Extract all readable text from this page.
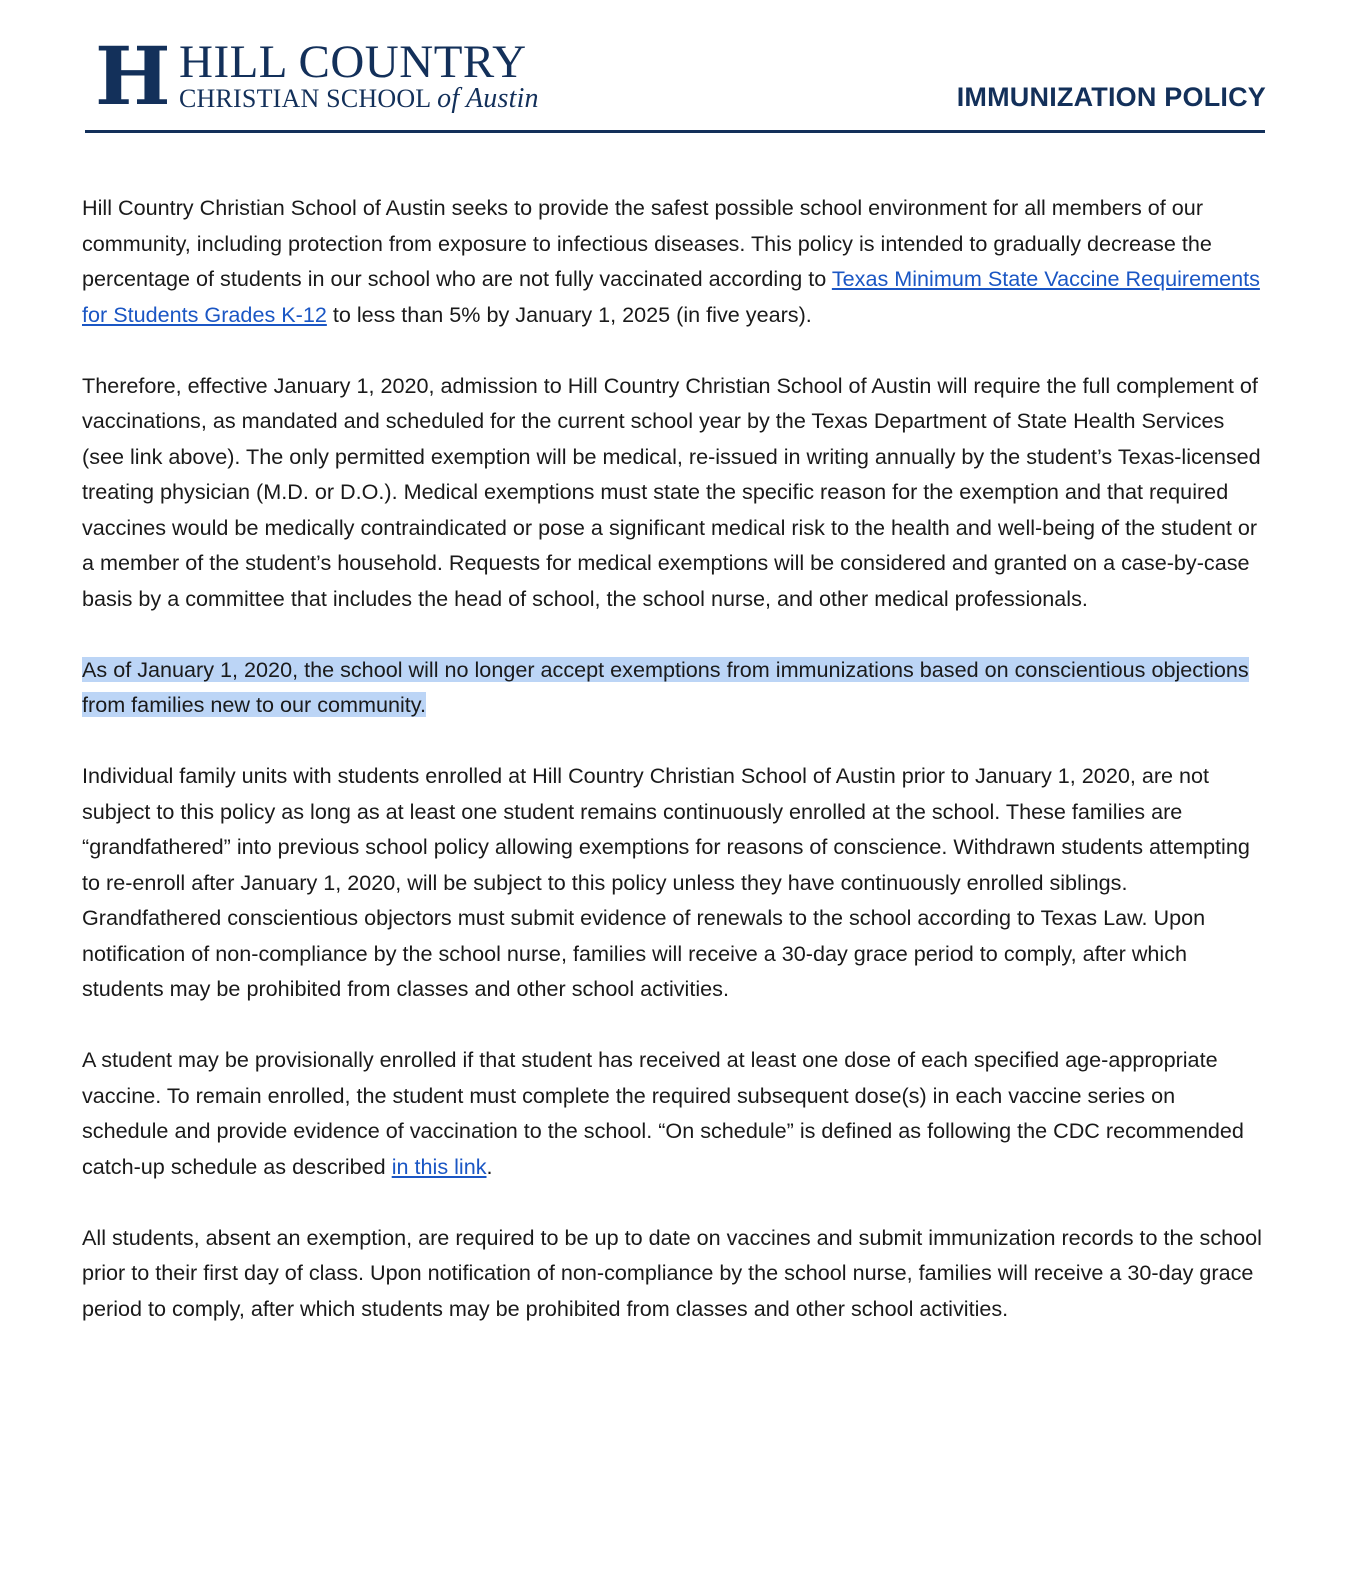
H HILL COUNTRY
CHRISTIAN SCHOOL of Austin	IMMUNIZATION POLICY

Hill Country Christian School of Austin seeks to provide the safest possible school environment for all members of our community, including protection from exposure to infectious diseases. This policy is intended to gradually decrease the percentage of students in our school who are not fully vaccinated according to Texas Minimum State Vaccine Requirements for Students Grades K-12 to less than 5% by January 1, 2025 (in five years).

Therefore, effective January 1, 2020, admission to Hill Country Christian School of Austin will require the full complement of vaccinations, as mandated and scheduled for the current school year by the Texas Department of State Health Services (see link above). The only permitted exemption will be medical, re-issued in writing annually by the student’s Texas-licensed treating physician (M.D. or D.O.). Medical exemptions must state the specific reason for the exemption and that required vaccines would be medically contraindicated or pose a significant medical risk to the health and well-being of the student or a member of the student’s household. Requests for medical exemptions will be considered and granted on a case-by-case basis by a committee that includes the head of school, the school nurse, and other medical professionals.

As of January 1, 2020, the school will no longer accept exemptions from immunizations based on conscientious objections from families new to our community.

Individual family units with students enrolled at Hill Country Christian School of Austin prior to January 1, 2020, are not subject to this policy as long as at least one student remains continuously enrolled at the school. These families are “grandfathered” into previous school policy allowing exemptions for reasons of conscience. Withdrawn students attempting to re-enroll after January 1, 2020, will be subject to this policy unless they have continuously enrolled siblings. Grandfathered conscientious objectors must submit evidence of renewals to the school according to Texas Law. Upon notification of non-compliance by the school nurse, families will receive a 30-day grace period to comply, after which students may be prohibited from classes and other school activities.

A student may be provisionally enrolled if that student has received at least one dose of each specified age-appropriate vaccine. To remain enrolled, the student must complete the required subsequent dose(s) in each vaccine series on schedule and provide evidence of vaccination to the school. “On schedule” is defined as following the CDC recommended catch-up schedule as described in this link.

All students, absent an exemption, are required to be up to date on vaccines and submit immunization records to the school prior to their first day of class. Upon notification of non-compliance by the school nurse, families will receive a 30-day grace period to comply, after which students may be prohibited from classes and other school activities.
